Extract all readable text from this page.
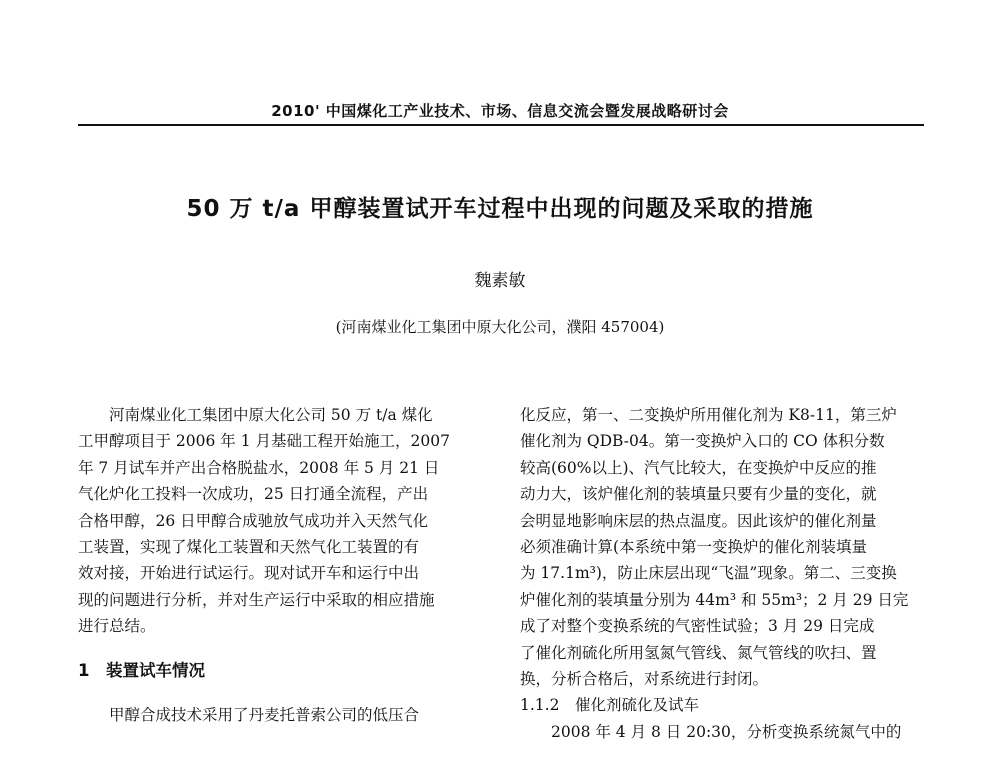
2010' 中国煤化工产业技术、市场、信息交流会暨发展战略研讨会
50 万 t/a 甲醇装置试开车过程中出现的问题及采取的措施
魏素敏
(河南煤业化工集团中原大化公司，濮阳 457004)
　　河南煤业化工集团中原大化公司 50 万 t/a 煤化
工甲醇项目于 2006 年 1 月基础工程开始施工，2007
年 7 月试车并产出合格脱盐水，2008 年 5 月 21 日
气化炉化工投料一次成功，25 日打通全流程，产出
合格甲醇，26 日甲醇合成驰放气成功并入天然气化
工装置，实现了煤化工装置和天然气化工装置的有
效对接，开始进行试运行。现对试开车和运行中出
现的问题进行分析，并对生产运行中采取的相应措施
进行总结。
1　装置试车情况
　　甲醇合成技术采用了丹麦托普索公司的低压合
化反应，第一、二变换炉所用催化剂为 K8-11，第三炉
催化剂为 QDB-04。第一变换炉入口的 CO 体积分数
较高(60%以上)、汽气比较大，在变换炉中反应的推
动力大，该炉催化剂的装填量只要有少量的变化，就
会明显地影响床层的热点温度。因此该炉的催化剂量
必须准确计算(本系统中第一变换炉的催化剂装填量
为 17.1m³)，防止床层出现“飞温”现象。第二、三变换
炉催化剂的装填量分别为 44m³ 和 55m³；2 月 29 日完
成了对整个变换系统的气密性试验；3 月 29 日完成
了催化剂硫化所用氢氮气管线、氮气管线的吹扫、置
换，分析合格后，对系统进行封闭。
1.1.2　催化剂硫化及试车
　　2008 年 4 月 8 日 20:30，分析变换系统氮气中的
